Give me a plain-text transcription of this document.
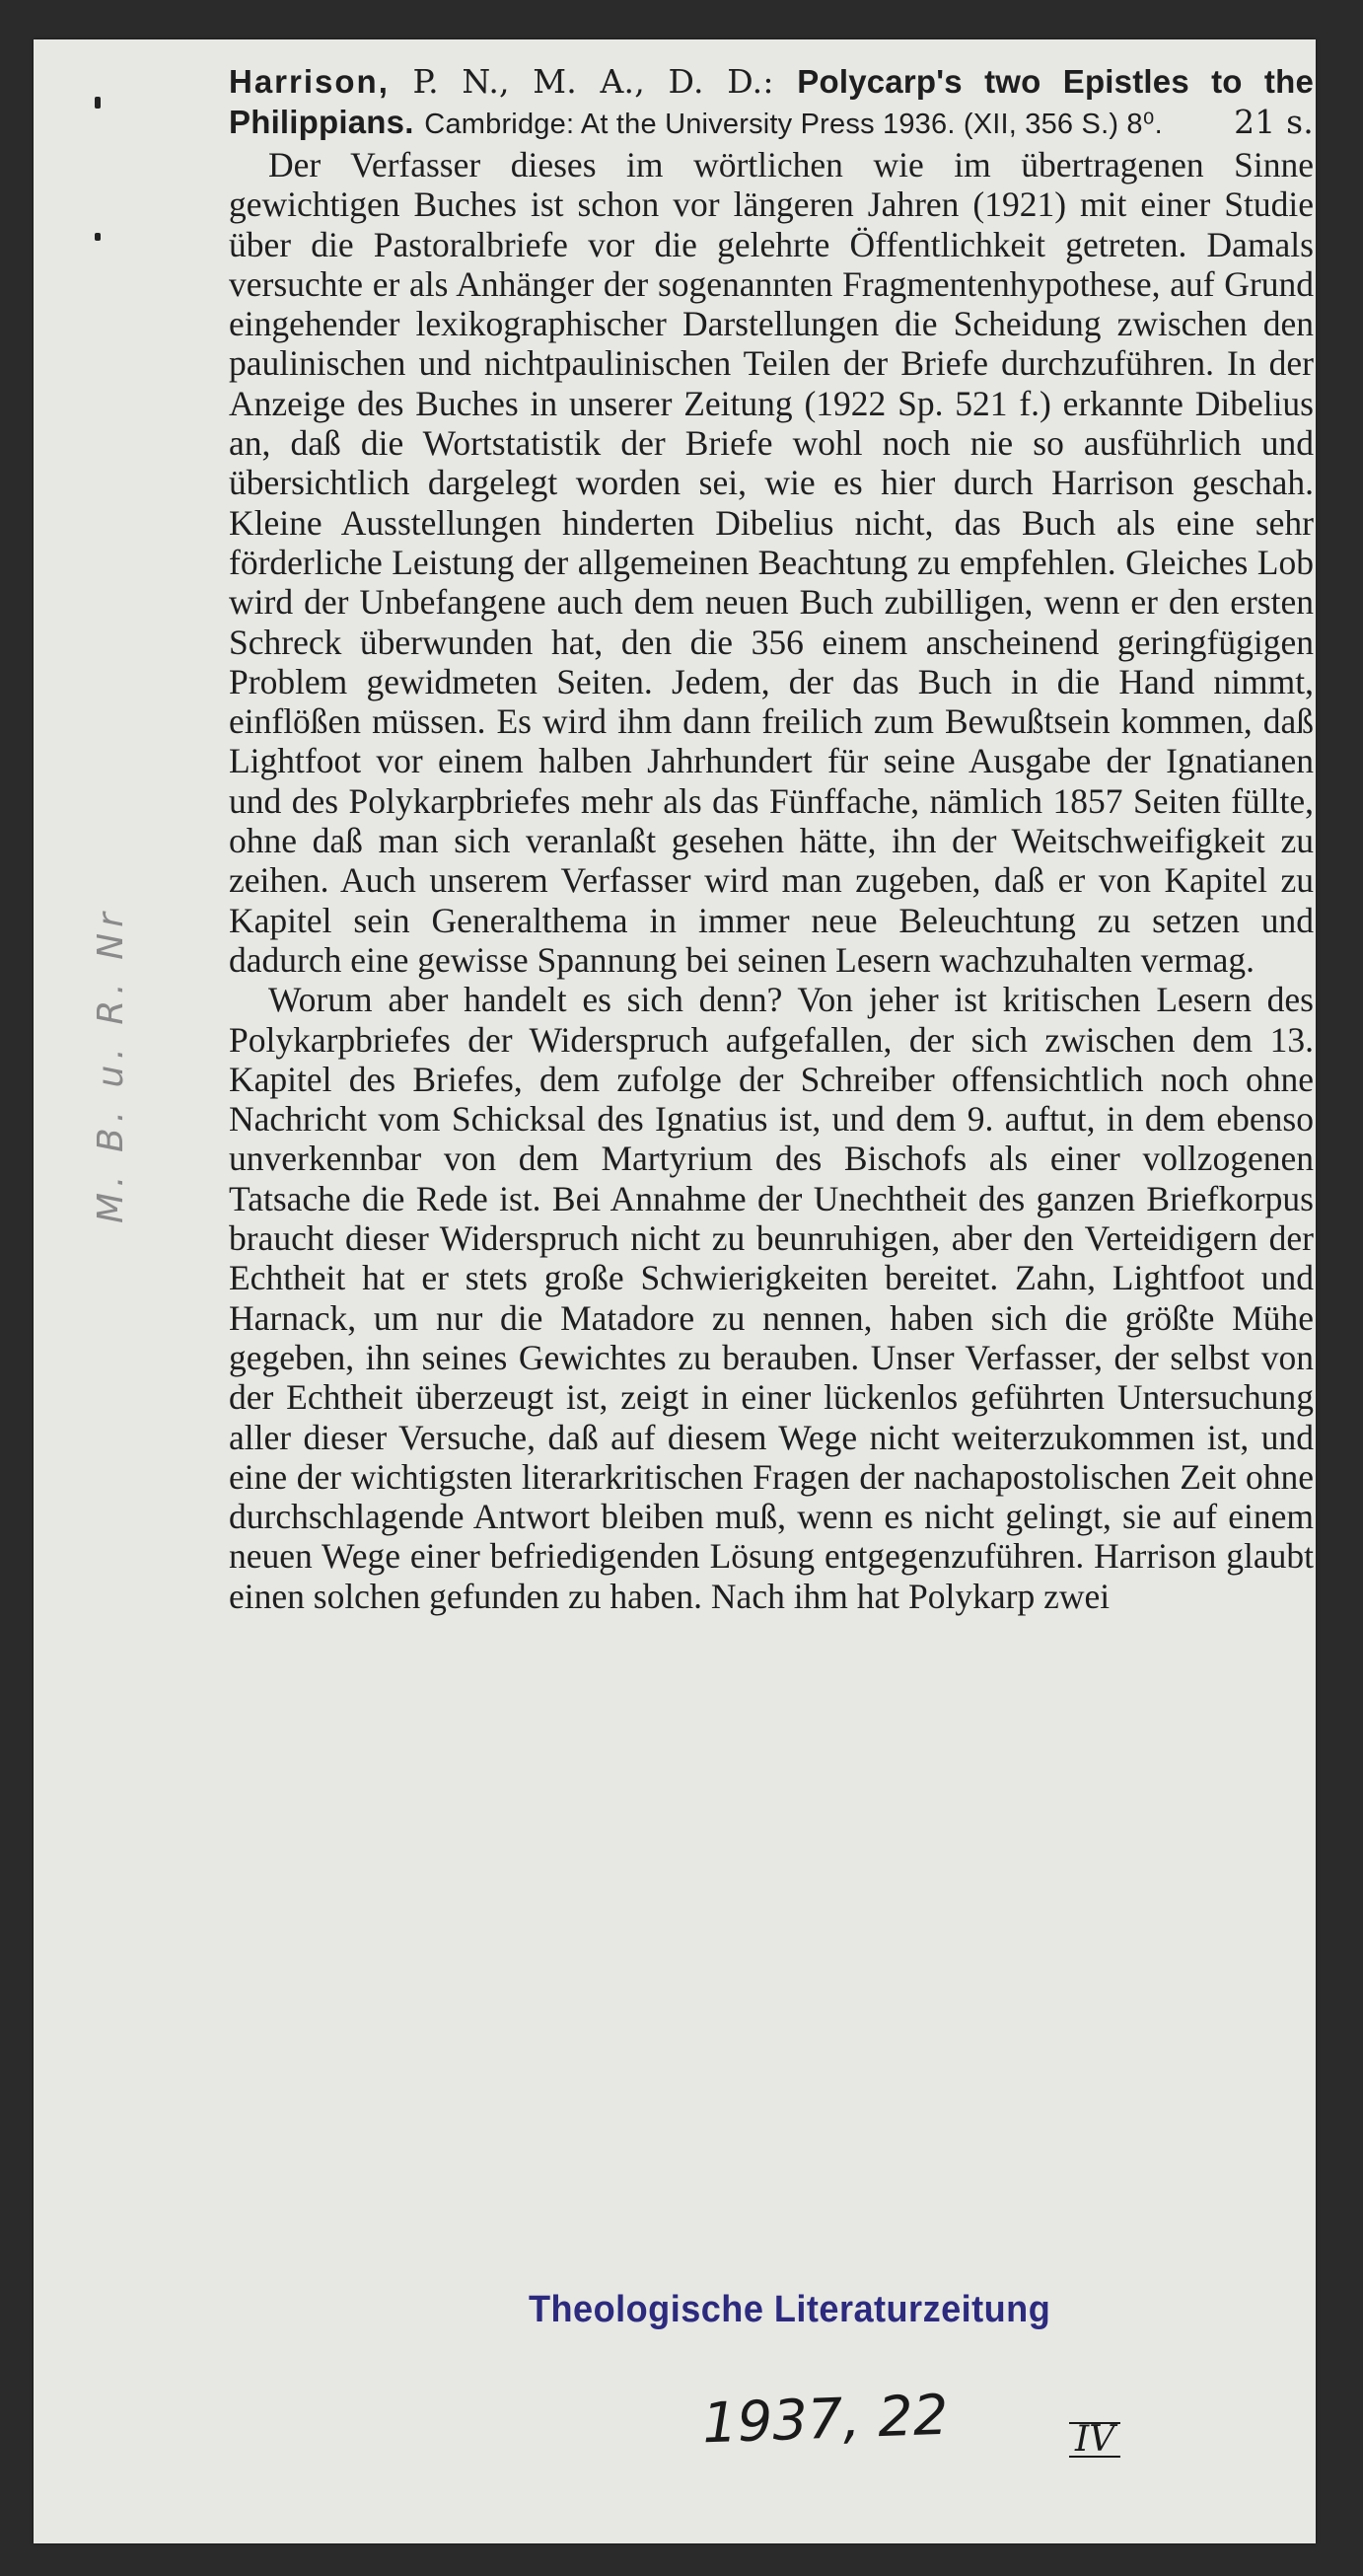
M. B. u. R. Nr
Harrison, P. N., M. A., D. D.: Polycarp's two Epistles to the Philippians. Cambridge: At the University Press 1936. (XII, 356 S.) 8⁰. 21 s.

Der Verfasser dieses im wörtlichen wie im übertragenen Sinne gewichtigen Buches ist schon vor längeren Jahren (1921) mit einer Studie über die Pastoralbriefe vor die gelehrte Öffentlichkeit getreten. Damals versuchte er als Anhänger der sogenannten Fragmentenhypothese, auf Grund eingehender lexikographischer Darstellungen die Scheidung zwischen den paulinischen und nichtpaulinischen Teilen der Briefe durchzuführen. In der Anzeige des Buches in unserer Zeitung (1922 Sp. 521 f.) erkannte Dibelius an, daß die Wortstatistik der Briefe wohl noch nie so ausführlich und übersichtlich dargelegt worden sei, wie es hier durch Harrison geschah. Kleine Ausstellungen hinderten Dibelius nicht, das Buch als eine sehr förderliche Leistung der allgemeinen Beachtung zu empfehlen. Gleiches Lob wird der Unbefangene auch dem neuen Buch zubilligen, wenn er den ersten Schreck überwunden hat, den die 356 einem anscheinend geringfügigen Problem gewidmeten Seiten. Jedem, der das Buch in die Hand nimmt, einflößen müssen. Es wird ihm dann freilich zum Bewußtsein kommen, daß Lightfoot vor einem halben Jahrhundert für seine Ausgabe der Ignatianen und des Polykarpbriefes mehr als das Fünffache, nämlich 1857 Seiten füllte, ohne daß man sich veranlaßt gesehen hätte, ihn der Weitschweifigkeit zu zeihen. Auch unserem Verfasser wird man zugeben, daß er von Kapitel zu Kapitel sein Generalthema in immer neue Beleuchtung zu setzen und dadurch eine gewisse Spannung bei seinen Lesern wachzuhalten vermag.

Worum aber handelt es sich denn? Von jeher ist kritischen Lesern des Polykarpbriefes der Widerspruch aufgefallen, der sich zwischen dem 13. Kapitel des Briefes, dem zufolge der Schreiber offensichtlich noch ohne Nachricht vom Schicksal des Ignatius ist, und dem 9. auftut, in dem ebenso unverkennbar von dem Martyrium des Bischofs als einer vollzogenen Tatsache die Rede ist. Bei Annahme der Unechtheit des ganzen Briefkorpus braucht dieser Widerspruch nicht zu beunruhigen, aber den Verteidigern der Echtheit hat er stets große Schwierigkeiten bereitet. Zahn, Lightfoot und Harnack, um nur die Matadore zu nennen, haben sich die größte Mühe gegeben, ihn seines Gewichtes zu berauben. Unser Verfasser, der selbst von der Echtheit überzeugt ist, zeigt in einer lückenlos geführten Untersuchung aller dieser Versuche, daß auf diesem Wege nicht weiterzukommen ist, und eine der wichtigsten literarkritischen Fragen der nachapostolischen Zeit ohne durchschlagende Antwort bleiben muß, wenn es nicht gelingt, sie auf einem neuen Wege einer befriedigenden Lösung entgegenzuführen. Harrison glaubt einen solchen gefunden zu haben. Nach ihm hat Polykarp zwei

Theologische Literaturzeitung
1937, 22	IV
